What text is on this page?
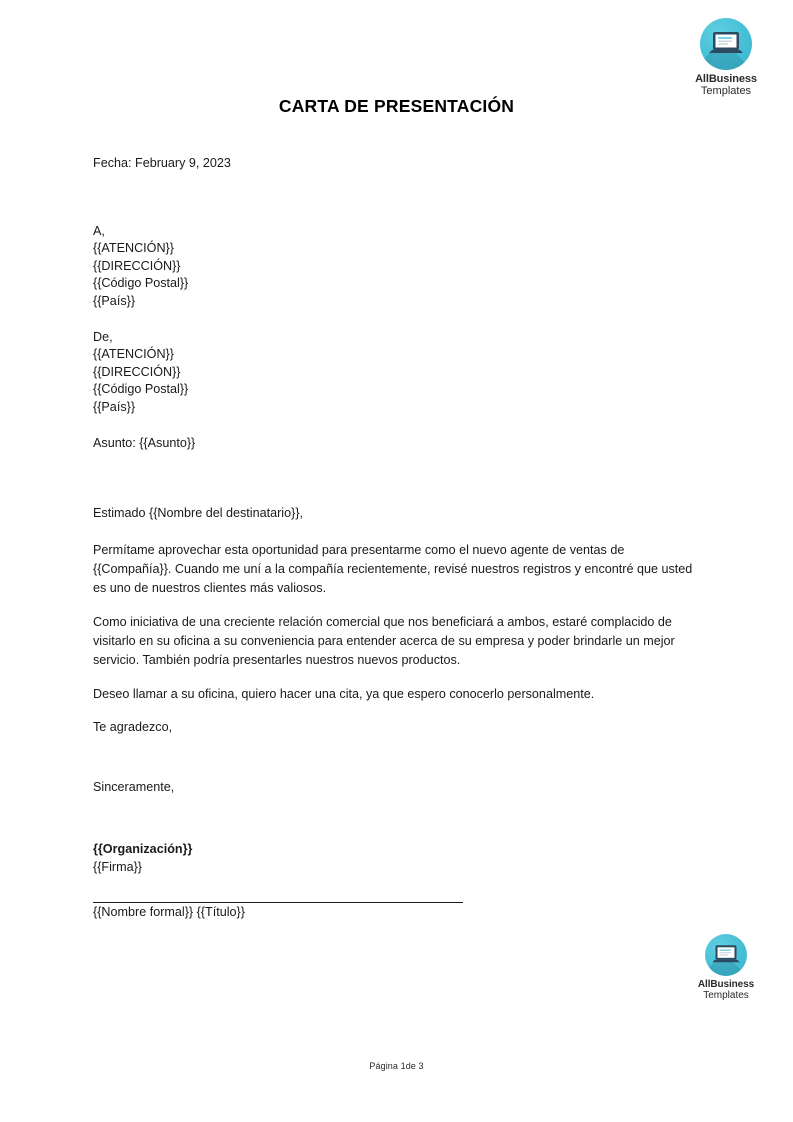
AllBusiness
Templates
CARTA DE PRESENTACIÓN
Fecha: February 9, 2023
A,
{{ATENCIÓN}}
{{DIRECCIÓN}}
{{Código Postal}}
{{País}}
De,
{{ATENCIÓN}}
{{DIRECCIÓN}}
{{Código Postal}}
{{País}}
Asunto: {{Asunto}}

Estimado {{Nombre del destinatario}},

Permítame aprovechar esta oportunidad para presentarme como el nuevo agente de ventas de {{Compañía}}. Cuando me uní a la compañía recientemente, revisé nuestros registros y encontré que usted es uno de nuestros clientes más valiosos.

Como iniciativa de una creciente relación comercial que nos beneficiará a ambos, estaré complacido de visitarlo en su oficina a su conveniencia para entender acerca de su empresa y poder brindarle un mejor servicio. También podría presentarles nuestros nuevos productos.

Deseo llamar a su oficina, quiero hacer una cita, ya que espero conocerlo personalmente.

Te agradezco,

Sinceramente,

{{Organización}}

{{Firma}}

{{Nombre formal}} {{Título}}

AllBusiness
Templates
Página 1de 3
